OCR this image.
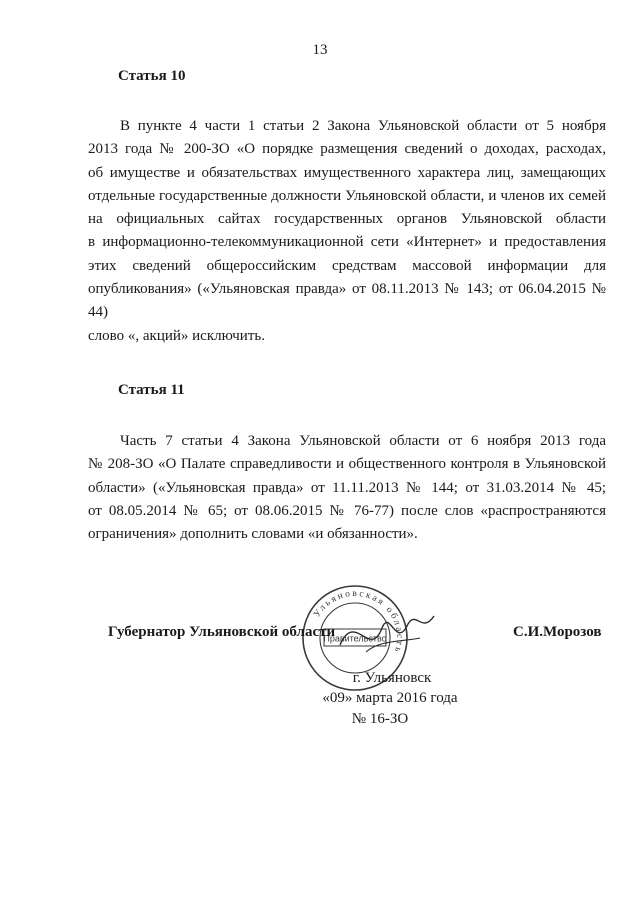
13
Статья 10
В пункте 4 части 1 статьи 2 Закона Ульяновской области от 5 ноября
2013 года № 200-ЗО «О порядке размещения сведений о доходах, расходах,
об имуществе и обязательствах имущественного характера лиц, замещающих
отдельные государственные должности Ульяновской области, и членов их семей
на официальных сайтах государственных органов Ульяновской области
в информационно-телекоммуникационной сети «Интернет» и предоставления
этих сведений общероссийским средствам массовой информации для
опубликования» («Ульяновская правда» от 08.11.2013 № 143; от 06.04.2015 № 44)
слово «, акций» исключить.
Статья 11
Часть 7 статьи 4 Закона Ульяновской области от 6 ноября 2013 года
№ 208-ЗО «О Палате справедливости и общественного контроля в Ульяновской
области» («Ульяновская правда» от 11.11.2013 № 144; от 31.03.2014 № 45;
от 08.05.2014 № 65; от 08.06.2015 № 76-77) после слов «распространяются
ограничения» дополнить словами «и обязанности».
Ульяновская область
Правительство
Губернатор Ульяновской области	С.И.Морозов
г. Ульяновск
«09» марта 2016 года
№ 16-ЗО
